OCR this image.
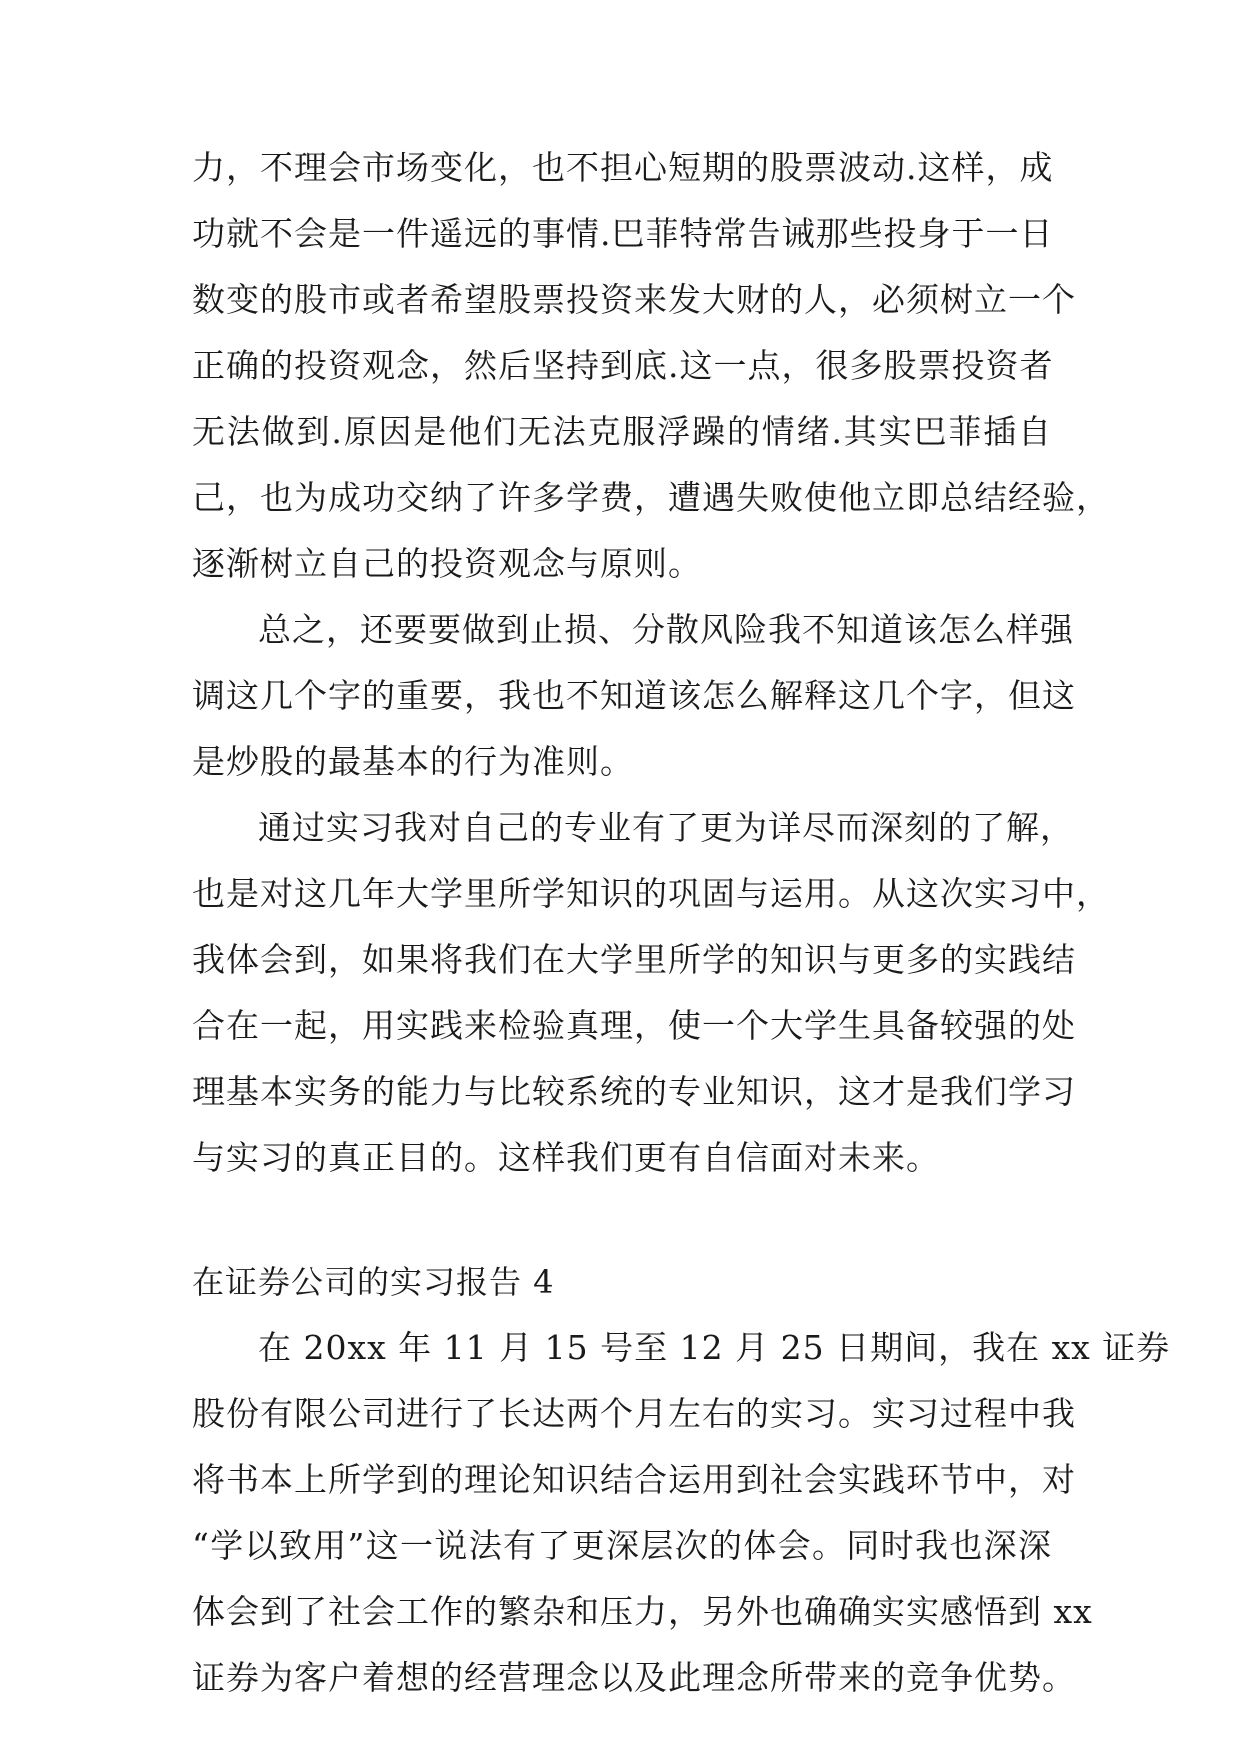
力，不理会市场变化，也不担心短期的股票波动.这样，成
功就不会是一件遥远的事情.巴菲特常告诫那些投身于一日
数变的股市或者希望股票投资来发大财的人，必须树立一个
正确的投资观念，然后坚持到底.这一点，很多股票投资者
无法做到.原因是他们无法克服浮躁的情绪.其实巴菲插自
己，也为成功交纳了许多学费，遭遇失败使他立即总结经验，
逐渐树立自己的投资观念与原则。
总之，还要要做到止损、分散风险我不知道该怎么样强
调这几个字的重要，我也不知道该怎么解释这几个字，但这
是炒股的最基本的行为准则。
通过实习我对自己的专业有了更为详尽而深刻的了解，
也是对这几年大学里所学知识的巩固与运用。从这次实习中，
我体会到，如果将我们在大学里所学的知识与更多的实践结
合在一起，用实践来检验真理，使一个大学生具备较强的处
理基本实务的能力与比较系统的专业知识，这才是我们学习
与实习的真正目的。这样我们更有自信面对未来。
在证券公司的实习报告 4
在 20xx 年 11 月 15 号至 12 月 25 日期间，我在 xx 证券
股份有限公司进行了长达两个月左右的实习。实习过程中我
将书本上所学到的理论知识结合运用到社会实践环节中，对
“学以致用”这一说法有了更深层次的体会。同时我也深深
体会到了社会工作的繁杂和压力，另外也确确实实感悟到 xx
证券为客户着想的经营理念以及此理念所带来的竞争优势。
